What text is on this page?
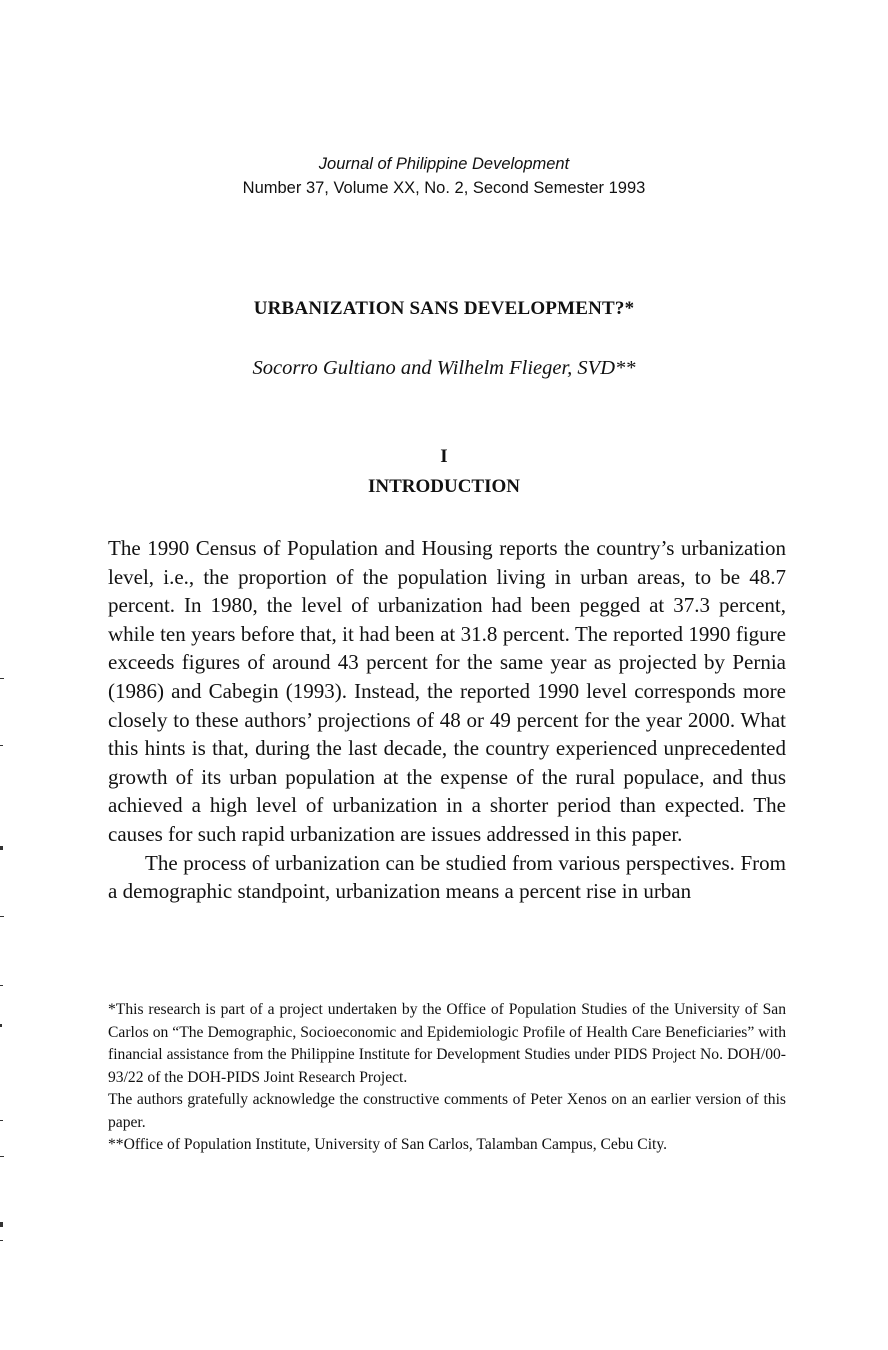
Journal of Philippine Development
Number 37, Volume XX, No. 2, Second Semester 1993
URBANIZATION SANS DEVELOPMENT?*
Socorro Gultiano and Wilhelm Flieger, SVD**
I
INTRODUCTION

The 1990 Census of Population and Housing reports the country’s urbanization level, i.e., the proportion of the population living in urban areas, to be 48.7 percent. In 1980, the level of urbanization had been pegged at 37.3 percent, while ten years before that, it had been at 31.8 percent. The reported 1990 figure exceeds figures of around 43 percent for the same year as projected by Pernia (1986) and Cabegin (1993). Instead, the reported 1990 level corresponds more closely to these authors’ projections of 48 or 49 percent for the year 2000. What this hints is that, during the last decade, the country experienced unprecedented growth of its urban population at the expense of the rural populace, and thus achieved a high level of urbanization in a shorter period than expected. The causes for such rapid urbanization are issues addressed in this paper.

The process of urbanization can be studied from various perspectives. From a demographic standpoint, urbanization means a percent rise in urban

*This research is part of a project undertaken by the Office of Population Studies of the University of San Carlos on “The Demographic, Socioeconomic and Epidemiologic Profile of Health Care Beneficiaries” with financial assistance from the Philippine Institute for Development Studies under PIDS Project No. DOH/00-93/22 of the DOH-PIDS Joint Research Project.

The authors gratefully acknowledge the constructive comments of Peter Xenos on an earlier version of this paper.

**Office of Population Institute, University of San Carlos, Talamban Campus, Cebu City.
